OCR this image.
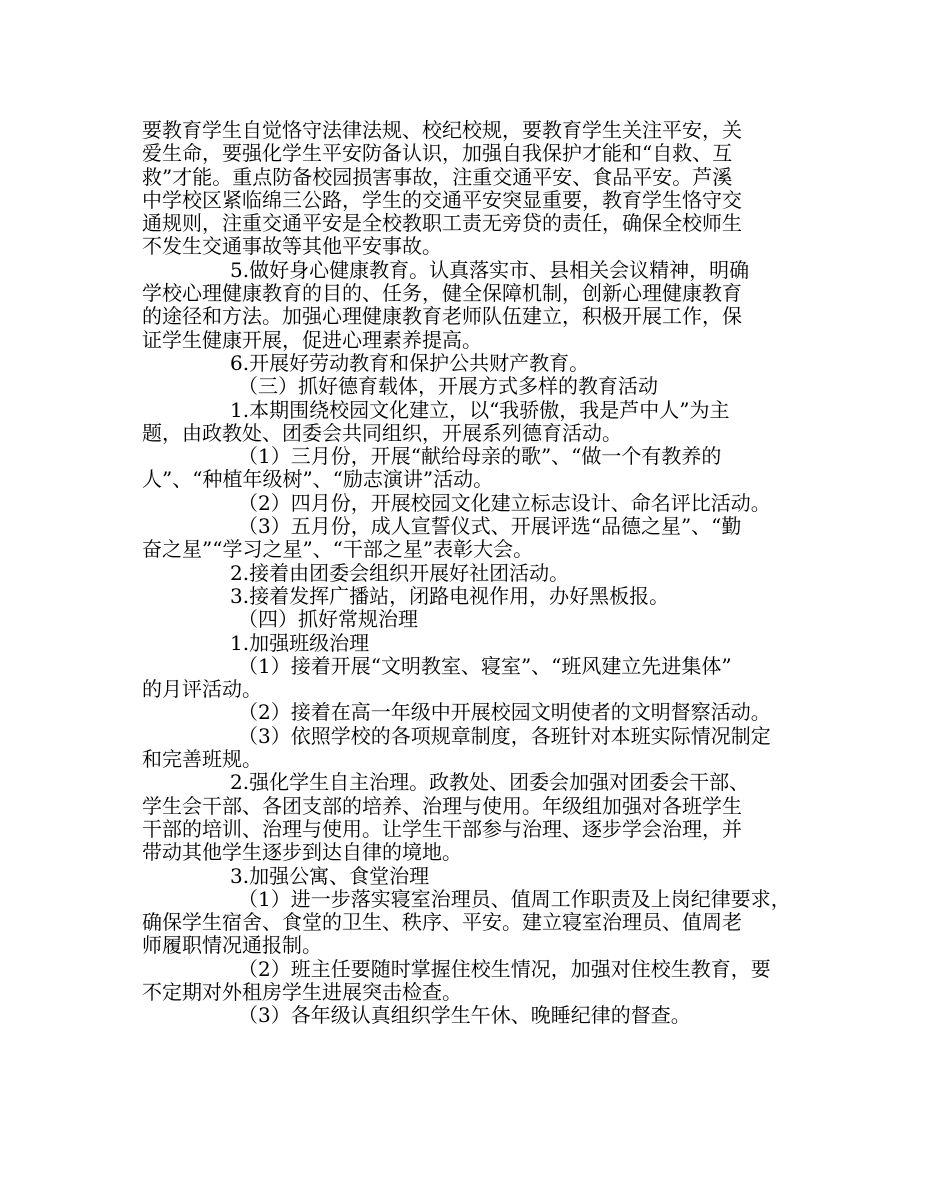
要教育学生自觉恪守法律法规、校纪校规，要教育学生关注平安，关
爱生命，要强化学生平安防备认识，加强自我保护才能和“自救、互
救”才能。重点防备校园损害事故，注重交通平安、食品平安。芦溪
中学校区紧临绵三公路，学生的交通平安突显重要，教育学生恪守交
通规则，注重交通平安是全校教职工责无旁贷的责任，确保全校师生
不发生交通事故等其他平安事故。
5.做好身心健康教育。认真落实市、县相关会议精神，明确
学校心理健康教育的目的、任务，健全保障机制，创新心理健康教育
的途径和方法。加强心理健康教育老师队伍建立，积极开展工作，保
证学生健康开展，促进心理素养提高。
6.开展好劳动教育和保护公共财产教育。
（三）抓好德育载体，开展方式多样的教育活动
1.本期围绕校园文化建立，以“我骄傲，我是芦中人”为主
题，由政教处、团委会共同组织，开展系列德育活动。
（1）三月份，开展“献给母亲的歌”、“做一个有教养的
人”、“种植年级树”、“励志演讲”活动。
（2）四月份，开展校园文化建立标志设计、命名评比活动。
（3）五月份，成人宣誓仪式、开展评选“品德之星”、“勤
奋之星”“学习之星”、“干部之星”表彰大会。
2.接着由团委会组织开展好社团活动。
3.接着发挥广播站，闭路电视作用，办好黑板报。
（四）抓好常规治理
1.加强班级治理
（1）接着开展“文明教室、寝室”、“班风建立先进集体”
的月评活动。
（2）接着在高一年级中开展校园文明使者的文明督察活动。
（3）依照学校的各项规章制度，各班针对本班实际情况制定
和完善班规。
2.强化学生自主治理。政教处、团委会加强对团委会干部、
学生会干部、各团支部的培养、治理与使用。年级组加强对各班学生
干部的培训、治理与使用。让学生干部参与治理、逐步学会治理，并
带动其他学生逐步到达自律的境地。
3.加强公寓、食堂治理
（1）进一步落实寝室治理员、值周工作职责及上岗纪律要求，
确保学生宿舍、食堂的卫生、秩序、平安。建立寝室治理员、值周老
师履职情况通报制。
（2）班主任要随时掌握住校生情况，加强对住校生教育，要
不定期对外租房学生进展突击检查。
（3）各年级认真组织学生午休、晚睡纪律的督查。
